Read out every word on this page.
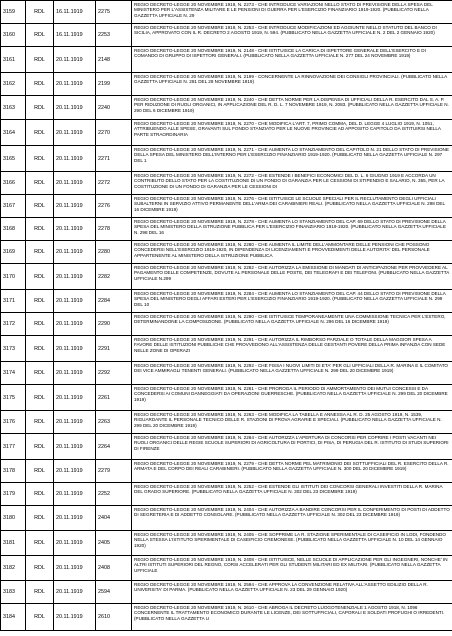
3159	RDL	16.11.1919	2275	REGIO DECRETO-LEGGE 20 NOVEMBRE 1919, N. 2273 - CHE INTRODUCE VARIAZIONI NELLO STATO DI PREVISIONE DELLA SPESA DEL MINISTERO PER L'ASSISTENZA MILITARE E LE PENSIONI DI GUERRA PER L'ESERCIZIO FINANZIARIO 1919-1920. (PUBBLICATO NELLA GAZZETTA UFFICIALE N. 29
3160	RDL	16.11.1919	2253	REGIO DECRETO-LEGGE 20 NOVEMBRE 1919, N. 2253 - CHE INTRODUCE MODIFICAZIONI ED AGGIUNTE NELLO STATUTO DEL BANCO DI SICILIA, APPROVATO CON IL R. DECRETO 2 AGOSTO 1919, N. 594. (PUBBLICATO NELLA GAZZETTA UFFICIALE N. 2 DEL 2 GENNAIO 1920)
3161	RDL	20.11.1919	2148	REGIO DECRETO-LEGGE 20 NOVEMBRE 1919, N. 2148 - CHE ISTITUISCE LA CARICA DI ISPETTORE GENERALE DELL'ESERCITO E DI COMANDO DI GRUPPO DI ISPETTORI GENERALI. (PUBBLICATO NELLA GAZZETTA UFFICIALE N. 277 DEL 24 NOVEMBRE 1919)
3162	RDL	20.11.1919	2199	REGIO DECRETO-LEGGE 20 NOVEMBRE 1919, N. 2199 - CONCERNENTE LA RINNOVAZIONE DEI CONSIGLI PROVINCIALI. (PUBBLICATO NELLA GAZZETTA UFFICIALE N. 281 DEL 28 NOVEMBRE 1919)
3163	RDL	20.11.1919	2240	REGIO DECRETO-LEGGE 20 NOVEMBRE 1919, N. 2240 - CHE DETTA NORME PER LA DISPENSA DI UFFICIALI DELLA R. ESERCITO DAL S. A. P. PER RIDUZIONE DI RUOLI ORGANICI, IN APPLICAZIONE DEL R. D. L. 7 NOVEMBRE 1919, N. 2083. (PUBBLICATO NELLA GAZZETTA UFFICIALE N. 290 DEL 6 DICEMBRE 1919)
3164	RDL	20.11.1919	2270	REGIO DECRETO-LEGGE 20 NOVEMBRE 1919, N. 2270 - CHE MODIFICA L'ART. 7, PRIMO COMMA, DEL D. LEGGE 4 LUGLIO 1919, N. 1051, ATTRIBUENDO ALLE SPESE, GRAVANTI SUL FONDO STANZIATO PER LE NUOVE PROVINCIE AD APPOSITO CAPITOLO DA ISTITUIRSI NELLA PARTE STRAORDINARIA
3165	RDL	20.11.1919	2271	REGIO DECRETO-LEGGE 20 NOVEMBRE 1919, N. 2271 - CHE AUMENTA LO STANZIAMENTO DEL CAPITOLO N. 21 DELLO STATO DI PREVISIONE DELLA SPESA DEL MINISTERO DELL'INTERNO PER L'ESERCIZIO FINANZIARIO 1919-1920. (PUBBLICATO NELLA GAZZETTA UFFICIALE N. 297 DEL 1
3166	RDL	20.11.1919	2272	REGIO DECRETO-LEGGE 20 NOVEMBRE 1919, N. 2272 - CHE ESTENDE I BENEFICI ECONOMICI DEL D. L. 6 GIUGNO 1919 E ACCORDA UN CONTRIBUTO DELLO STATO PER LA COSTITUZIONE DI UN FONDO DI GARANZIA PER LE CESSIONI DI STIPENDIO E SALARIO, N. 355, PER LA COSTITUZIONE DI UN FONDO DI GARANZIA PER LE CESSIONI DI
3167	RDL	20.11.1919	2276	REGIO DECRETO-LEGGE 20 NOVEMBRE 1919, N. 2276 - CHE ISTITUISCE LE SCUOLE SPECIALI PER IL RECLUTAMENTO DEGLI UFFICIALI SUBALTERNI IN SERVIZIO ATTIVO PERMANENTE DELL'ARMA DEI CARABINIERI REALI. (PUBBLICATO NELLA GAZZETTA UFFICIALE N. 298 DEL 16 DICEMBRE 1919)
3168	RDL	20.11.1919	2278	REGIO DECRETO-LEGGE 20 NOVEMBRE 1919, N. 2278 - CHE AUMENTA LO STANZIAMENTO DEL CAP. 69 DELLO STATO DI PREVISIONE DELLA SPESA DEL MINISTERO DELLA ISTRUZIONE PUBBLICA PER L'ESERCIZIO FINANZIARIO 1919-1920. (PUBBLICATO NELLA GAZZETTA UFFICIALE N. 298 DEL 16
3169	RDL	20.11.1919	2280	REGIO DECRETO-LEGGE 20 NOVEMBRE 1919, N. 2280 - CHE AUMENTA IL LIMITE DELL'AMMONTARE DELLE PENSIONI CHE POSSONO CONCEDERSI NELL'ESERCIZIO 1919-1920, IN DIPENDENZA DI LICENZIAMENTI E PROVVEDIMENTI DELLE AUTORITA' DEL PERSONALE APPARTENENTE AL MINISTERO DELLA ISTRUZIONE PUBBLICA
3170	RDL	20.11.1919	2282	REGIO DECRETO-LEGGE 20 NOVEMBRE 1919, N. 2282 - CHE AUTORIZZA LA EMISSIONE DI MANDATI DI ANTICIPAZIONE PER PROVVEDERE AL PAGAMENTO DELLE COMPETENZE, DOVUTE AL PERSONALE DELLE POSTE, DEI TELEGRAFI E DEI TELEFONI. (PUBBLICATO NELLA GAZZETTA UFFICIALE N.299
3171	RDL	20.11.1919	2284	REGIO DECRETO-LEGGE 20 NOVEMBRE 1919, N. 2284 - CHE AUMENTA LO STANZIAMENTO DEL CAP. 44 DELLO STATO DI PREVISIONE DELLA SPESA DEL MINISTERO DEGLI AFFARI ESTERI PER L'ESERCIZIO FINANZIARIO 1919-1920. (PUBBLICATO NELLA GAZZETTA UFFICIALE N. 299 DEL 10
3172	RDL	20.11.1919	2290	REGIO DECRETO-LEGGE 20 NOVEMBRE 1919, N. 2290 - CHE ISTITUISCE TEMPORANEAMENTE UNA COMMISSIONE TECNICA PER L'ESTERO, DETERMINANDONE LA COMPOSIZIONE. (PUBBLICATO NELLA GAZZETTA UFFICIALE N. 296 DEL 16 DICEMBRE 1919)
3173	RDL	20.11.1919	2291	REGIO DECRETO-LEGGE 20 NOVEMBRE 1919, N. 2291 - CHE AUTORIZZA IL RIMBORSO PARZIALE O TOTALE DELLA MAGGIOR SPESA A FAVORE DELLE ISTITUZIONI PUBBLICHE CHE PROVVEDONO ALL'ASSISTENZA DELLE GESTANTI POVERE DELLA PRIMA INFANZIA CON SEDE NELLE ZONE DI OPERAZI
3174	RDL	20.11.1919	2292	REGIO DECRETO-LEGGE 20 NOVEMBRE 1919, N. 2292 - CHE FISSA I NUOVI LIMITI DI ETA' PER GLI UFFICIALI DELLA R. MARINA E IL COMITATO DEI VICE AMMIRAGLI TENENTI GENERALI. (PUBBLICATO NELLA GAZZETTA UFFICIALE N. 299 DEL 20 DICEMBRE 1919)
3175	RDL	20.11.1919	2261	REGIO DECRETO-LEGGE 20 NOVEMBRE 1919, N. 2261 - CHE PROROGA IL PERIODO DI AMMORTAMENTO DEI MUTUI CONCESSI E DA CONCEDERSI AI COMUNI DANNEGGIATI DA OPERAZIONI GUERRESCHE. (PUBBLICATO NELLA GAZZETTA UFFICIALE N. 299 DEL 20 DICEMBRE 1919)
3176	RDL	20.11.1919	2263	REGIO DECRETO-LEGGE 20 NOVEMBRE 1919, N. 2263 - CHE MODIFICA LA TABELLA E ANNESSA AL R. D. 25 AGOSTO 1919, N. 1539, RIGUARDANTE IL PERSONALE TECNICO DELLE R. STAZIONI DI PROVA AGRARIE E SPECIALI. (PUBBLICATO NELLA GAZZETTA UFFICIALE N. 299 DEL 20 DICEMBRE 1919)
3177	RDL	20.11.1919	2264	REGIO DECRETO-LEGGE 20 NOVEMBRE 1919, N. 2264 - CHE AUTORIZZA L'APERTURA DI CONCORSI PER COPRIRE I POSTI VACANTI NEI RUOLI ORGANICI DELLE REGIE SCUOLE SUPERIORI DI AGRICOLTURA DI PORTICI, DI PISA, DI PERUGIA DEL R. ISTITUTO DI STUDI SUPERIORI DI FIRENZE
3178	RDL	20.11.1919	2279	REGIO DECRETO-LEGGE 20 NOVEMBRE 1919, N. 2279 - CHE DETTA NORME PEL MATRIMONIO DEI SOTTUFFICIALI DEL R. ESERCITO DELLA R. ARMATA E DEL CORPO DEI REALI CARABINIERI. (PUBBLICATO NELLA GAZZETTA UFFICIALE N. 300 DEL 20 DICEMBRE 1919)
3179	RDL	20.11.1919	2252	REGIO DECRETO-LEGGE 20 NOVEMBRE 1919, N. 2252 - CHE ESTENDE GLI ISTITUTI DEI CONCORSI GENERALI INVESTITI DELLA R. MARINA DEL GRADO SUPERIORE. (PUBBLICATO NELLA GAZZETTA UFFICIALE N. 302 DEL 23 DICEMBRE 1919)
3180	RDL	20.11.1919	2404	REGIO DECRETO-LEGGE 20 NOVEMBRE 1919, N. 2404 - CHE AUTORIZZA A BANDIRE CONCORSI PER IL CONFERIMENTO DI POSTI DI ADDETTO DI SEGRETERIA E DI ADDETTO CONSOLARE. (PUBBLICATO NELLA GAZZETTA UFFICIALE N. 302 DEL 23 DICEMBRE 1919)
3181	RDL	20.11.1919	2405	REGIO DECRETO-LEGGE 20 NOVEMBRE 1919, N. 2405 - CHE SOPPRIME LA R. STAZIONE SPERIMENTALE DI CASEIFICIO IN LODI, FONDENDO NELLA STESSA L'ISTITUTO SPERIMENTALE DI CASEIFICIO CREMONESE. (PUBBLICATO NELLA GAZZETTA UFFICIALE N. 10 DEL 14 GENNAIO 1920)
3182	RDL	20.11.1919	2408	REGIO DECRETO-LEGGE 20 NOVEMBRE 1919, N. 2408 - CHE ISTITUISCE, NELLE SCUOLE DI APPLICAZIONE PER GLI INGEGNERI, NONCHE' IN ALTRI ISTITUTI SUPERIORI DEL REGNO, CORSI ACCELERATI PER GLI STUDENTI MILITARI ED EX MILITARI. (PUBBLICATO NELLA GAZZETTA UFFICIALE
3183	RDL	20.11.1919	2594	REGIO DECRETO-LEGGE 20 NOVEMBRE 1919, N. 2594 - CHE APPROVA LA CONVENZIONE RELATIVA ALL'ASSETTO EDILIZIO DELLA R. UNIVERSITA' DI PARMA. (PUBBLICATO NELLA GAZZETTA UFFICIALE N. 23 DEL 29 GENNAIO 1920)
3184	RDL	20.11.1919	2610	REGIO DECRETO-LEGGE 20 NOVEMBRE 1919, N. 2610 - CHE ABROGA IL DECRETO LUOGOTENENZIALE 1 AGOSTO 1918, N. 1096 CONCERNENTE IL TRATTAMENTO ECONOMICO DURANTE LE LICENZE, DEI SOTTUFFICIALI, CAPORALI E SOLDATI PROFUGHI O IRREDENTI. (PUBBLICATO NELLA GAZZETTA U
